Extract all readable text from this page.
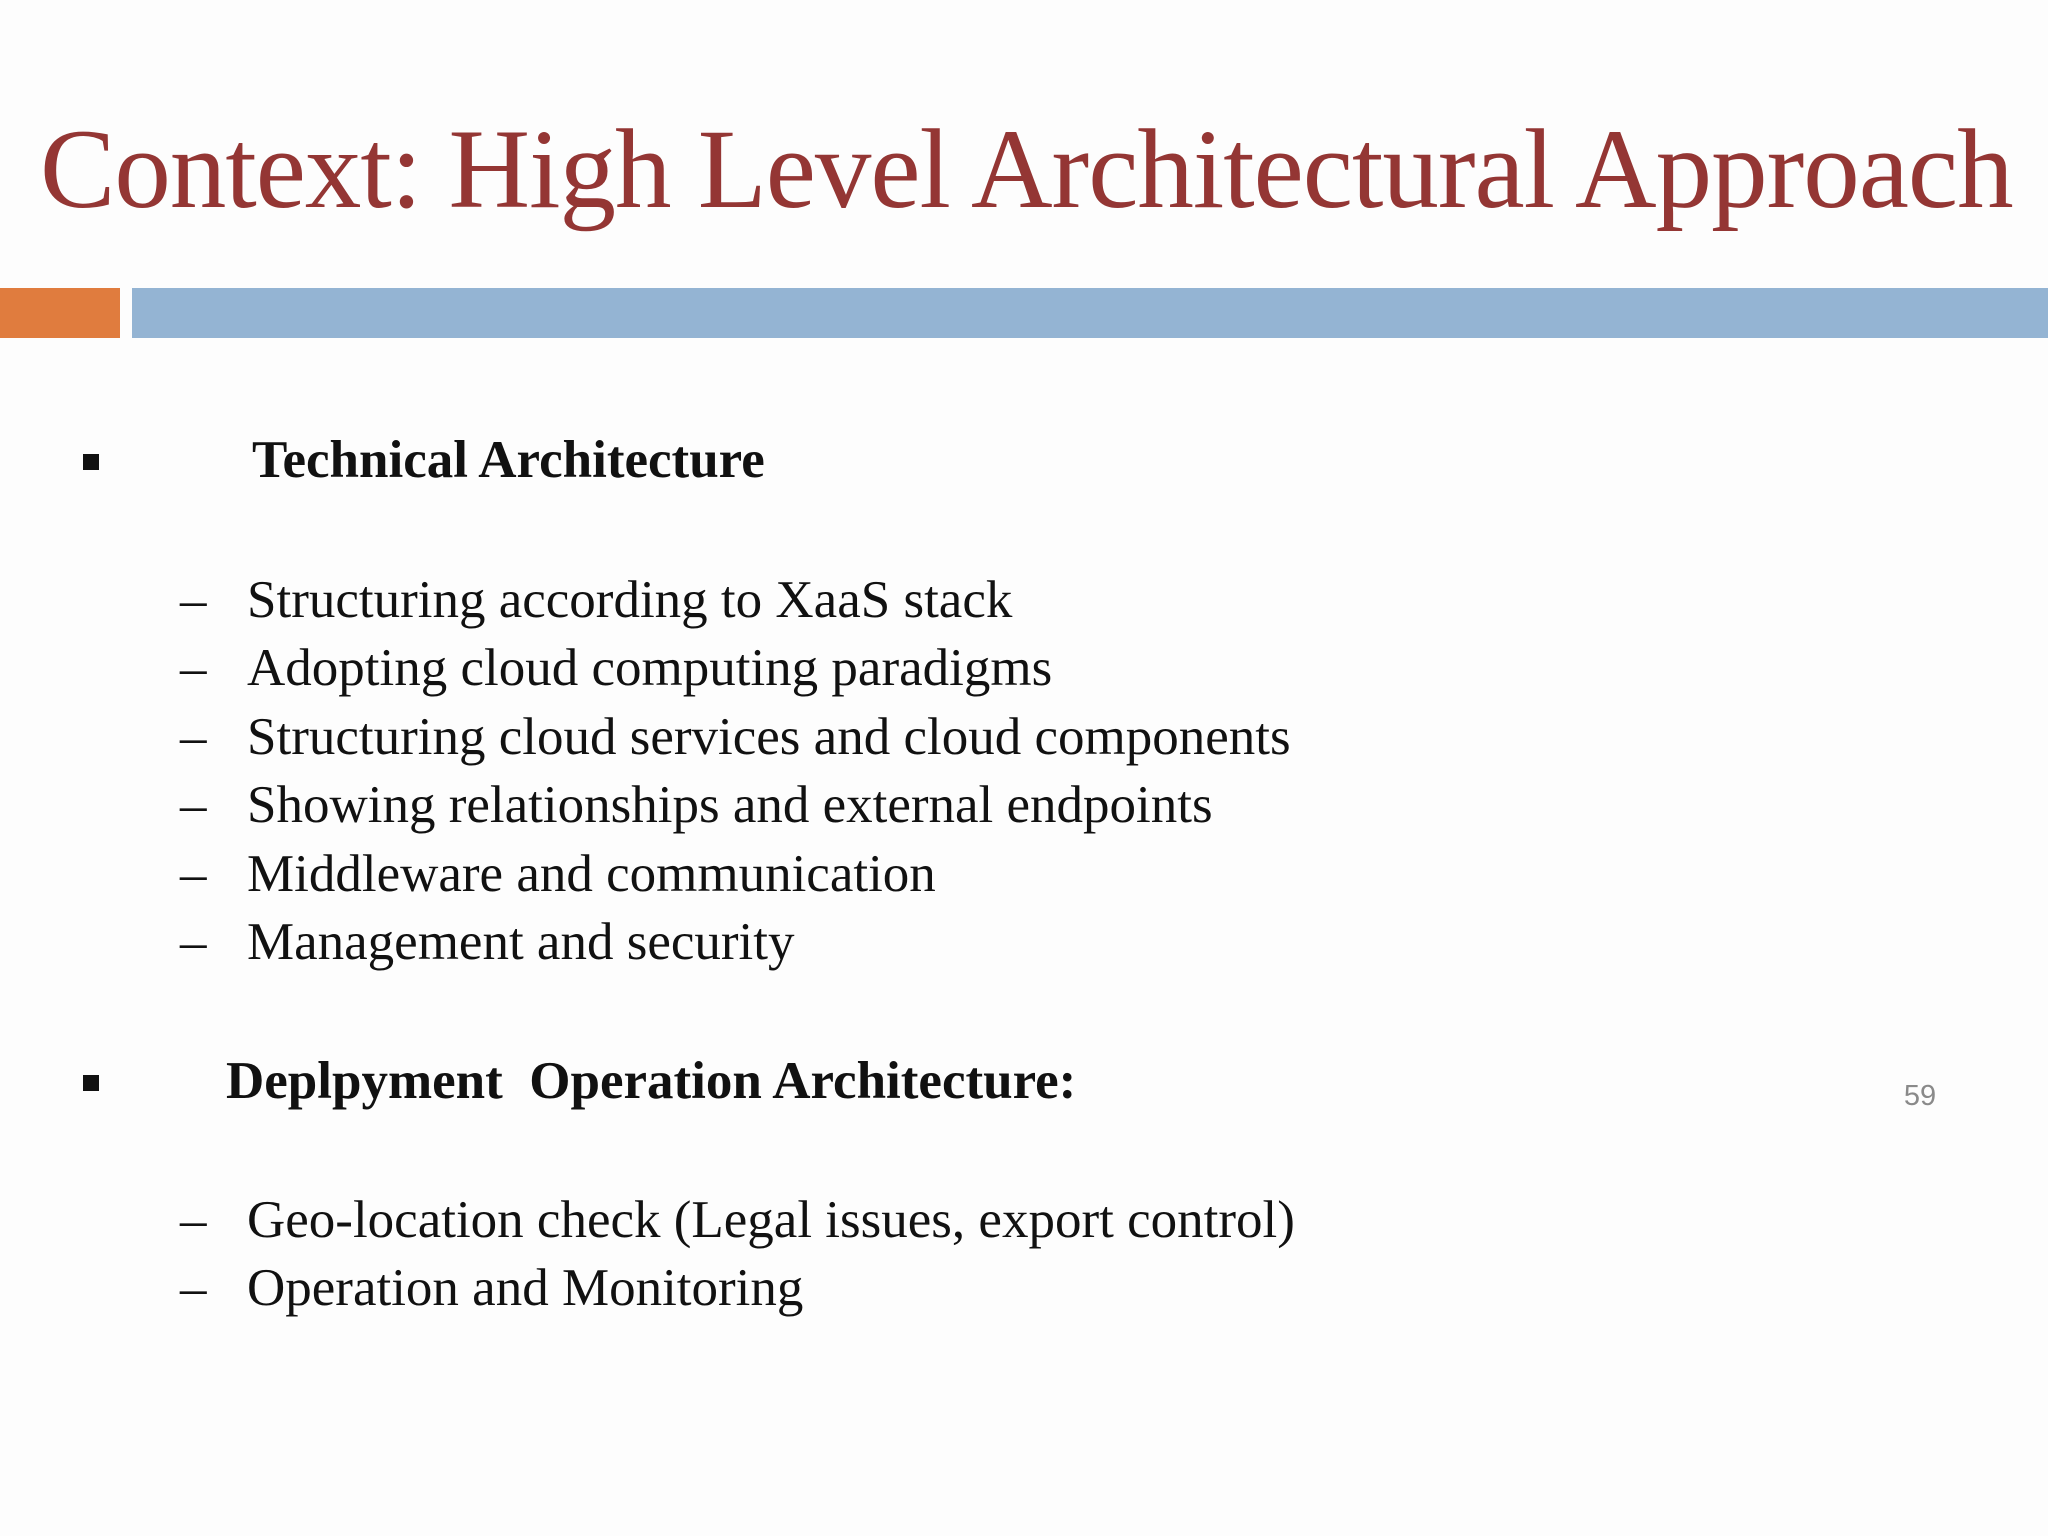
Context: High Level Architectural Approach
Technical Architecture
– Structuring according to XaaS stack
– Adopting cloud computing paradigms
– Structuring cloud services and cloud components
– Showing relationships and external endpoints
– Middleware and communication
– Management and security
Deplpyment  Operation Architecture:
– Geo-location check (Legal issues, export control)
– Operation and Monitoring
59
